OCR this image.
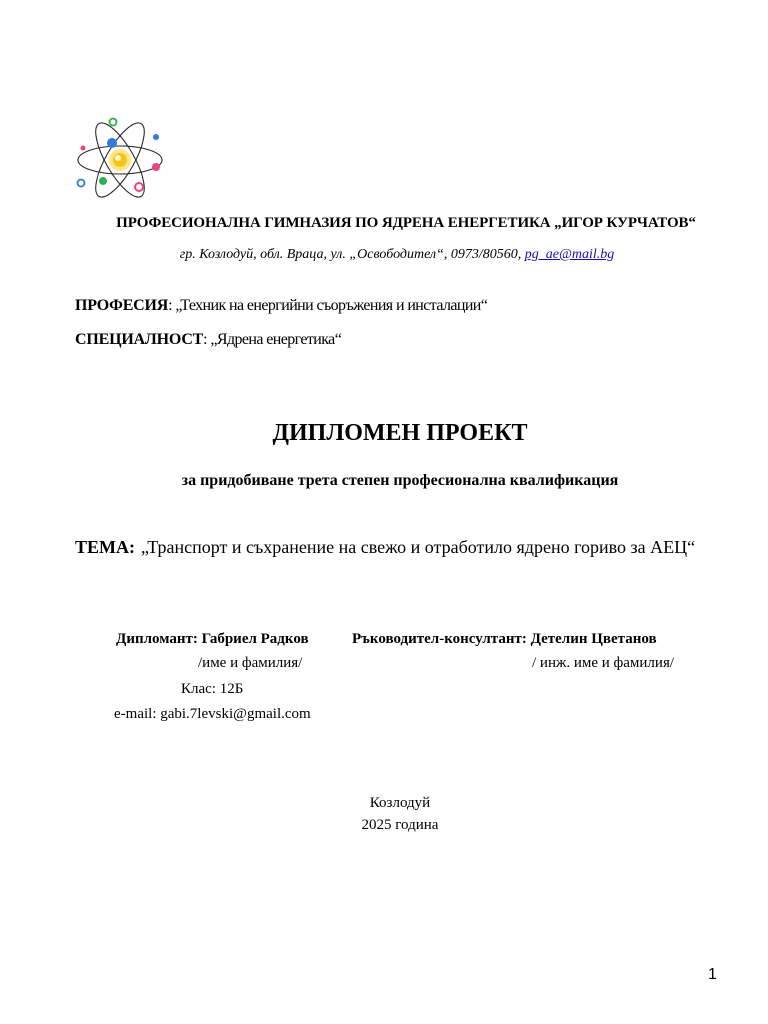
ПРОФЕСИОНАЛНА ГИМНАЗИЯ ПО ЯДРЕНА ЕНЕРГЕТИКА „ИГОР КУРЧАТОВ“
гр. Козлодуй, обл. Враца, ул. „Освободител“, 0973/80560, pg_ae@mail.bg
ПРОФЕСИЯ: „Техник на енергийни съоръжения и инсталации“
СПЕЦИАЛНОСТ: „Ядрена енергетика“
ДИПЛОМЕН ПРОЕКТ
за придобиване трета степен професионална квалификация
ТЕМА: „Транспорт и съхранение на свежо и отработило ядрено гориво за АЕЦ“
Дипломант: Габриел Радков
/име и фамилия/
Клас: 12Б
e-mail: gabi.7levski@gmail.com
Ръководител-консултант: Детелин Цветанов
/ инж. име и фамилия/
Козлодуй
2025 година
1
